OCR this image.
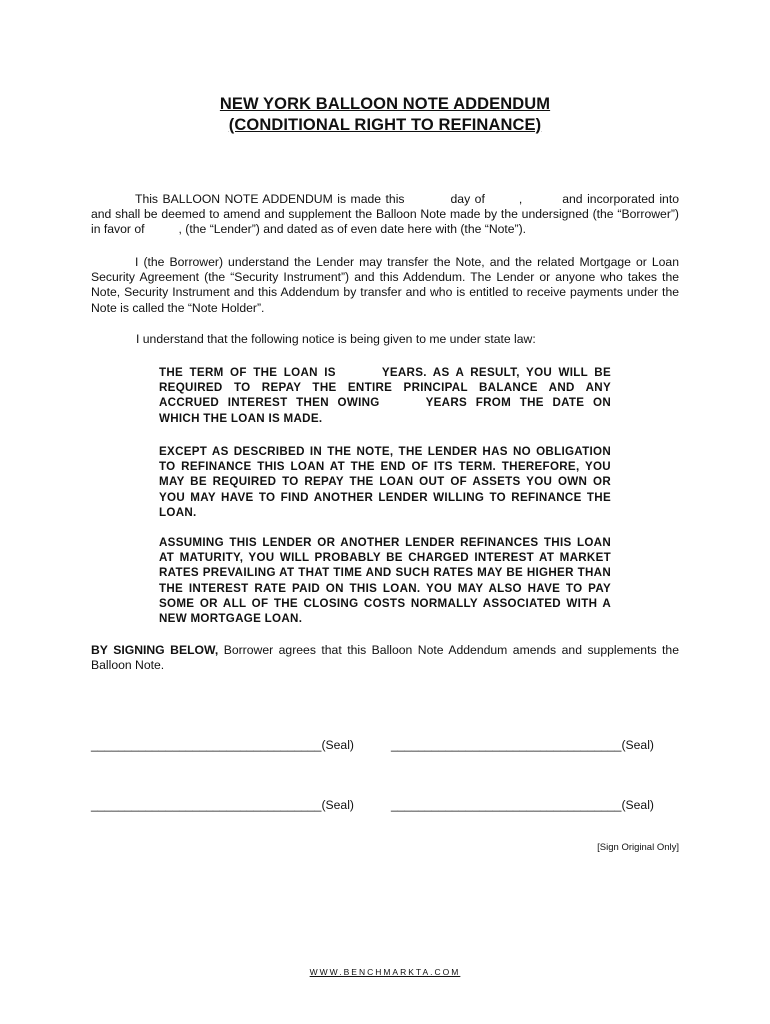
NEW YORK BALLOON NOTE ADDENDUM
(CONDITIONAL RIGHT TO REFINANCE)
This BALLOON NOTE ADDENDUM is made this	day of	,	and incorporated into and shall be deemed to amend and supplement the Balloon Note made by the undersigned (the “Borrower”) in favor of	, (the “Lender”) and dated as of even date here with (the “Note”).
I (the Borrower) understand the Lender may transfer the Note, and the related Mortgage or Loan Security Agreement (the “Security Instrument”) and this Addendum. The Lender or anyone who takes the Note, Security Instrument and this Addendum by transfer and who is entitled to receive payments under the Note is called the “Note Holder”.
I understand that the following notice is being given to me under state law:
THE TERM OF THE LOAN IS	YEARS. AS A RESULT, YOU WILL BE REQUIRED TO REPAY THE ENTIRE PRINCIPAL BALANCE AND ANY ACCRUED INTEREST THEN OWING	YEARS FROM THE DATE ON WHICH THE LOAN IS MADE.
EXCEPT AS DESCRIBED IN THE NOTE, THE LENDER HAS NO OBLIGATION TO REFINANCE THIS LOAN AT THE END OF ITS TERM. THEREFORE, YOU MAY BE REQUIRED TO REPAY THE LOAN OUT OF ASSETS YOU OWN OR YOU MAY HAVE TO FIND ANOTHER LENDER WILLING TO REFINANCE THE LOAN.
ASSUMING THIS LENDER OR ANOTHER LENDER REFINANCES THIS LOAN AT MATURITY, YOU WILL PROBABLY BE CHARGED INTEREST AT MARKET RATES PREVAILING AT THAT TIME AND SUCH RATES MAY BE HIGHER THAN THE INTEREST RATE PAID ON THIS LOAN. YOU MAY ALSO HAVE TO PAY SOME OR ALL OF THE CLOSING COSTS NORMALLY ASSOCIATED WITH A NEW MORTGAGE LOAN.
BY SIGNING BELOW, Borrower agrees that this Balloon Note Addendum amends and supplements the Balloon Note.
__________________________________(Seal)	__________________________________(Seal)
__________________________________(Seal)	__________________________________(Seal)
[Sign Original Only]
WWW.BENCHMARKTA.COM
